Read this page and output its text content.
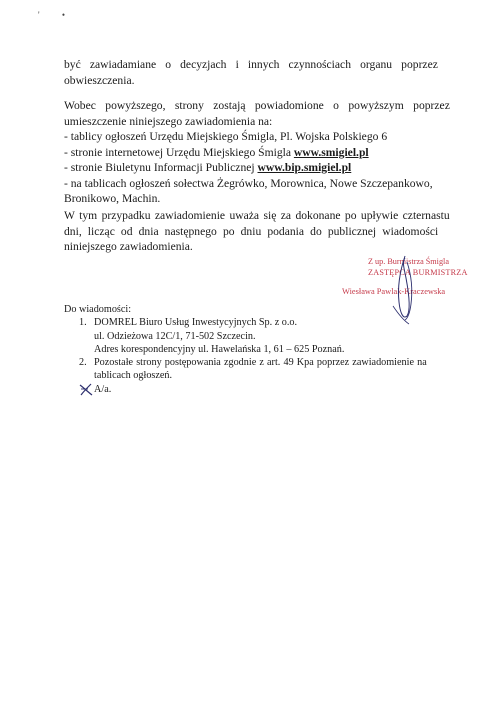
' •

być zawiadamiane o decyzjach i innych czynnościach organu poprzez
obwieszczenia.

Wobec powyższego, strony zostają powiadomione o powyższym poprzez
umieszczenie niniejszego zawiadomienia na:
- tablicy ogłoszeń Urzędu Miejskiego Śmigla, Pl. Wojska Polskiego 6
- stronie internetowej Urzędu Miejskiego Śmigla www.smigiel.pl
- stronie Biuletynu Informacji Publicznej www.bip.smigiel.pl
- na tablicach ogłoszeń sołectwa Żegrówko, Morownica, Nowe Szczepankowo,
Bronikowo, Machin.
W tym przypadku zawiadomienie uważa się za dokonane po upływie czternastu
dni, licząc od dnia następnego po dniu podania do publicznej wiadomości
niniejszego zawiadomienia.
Z up. Burmistrza Śmigla
ZASTĘPCA BURMISTRZA
Wiesława Pawlak-Kraczewska
Do wiadomości:
1. DOMREL Biuro Usług Inwestycyjnych Sp. z o.o.
ul. Odzieżowa 12C/1, 71-502 Szczecin.
Adres korespondencyjny ul. Hawelańska 1, 61 – 625 Poznań.
2. Pozostałe strony postępowania zgodnie z art. 49 Kpa poprzez zawiadomienie na
tablicach ogłoszeń.
A/a.
